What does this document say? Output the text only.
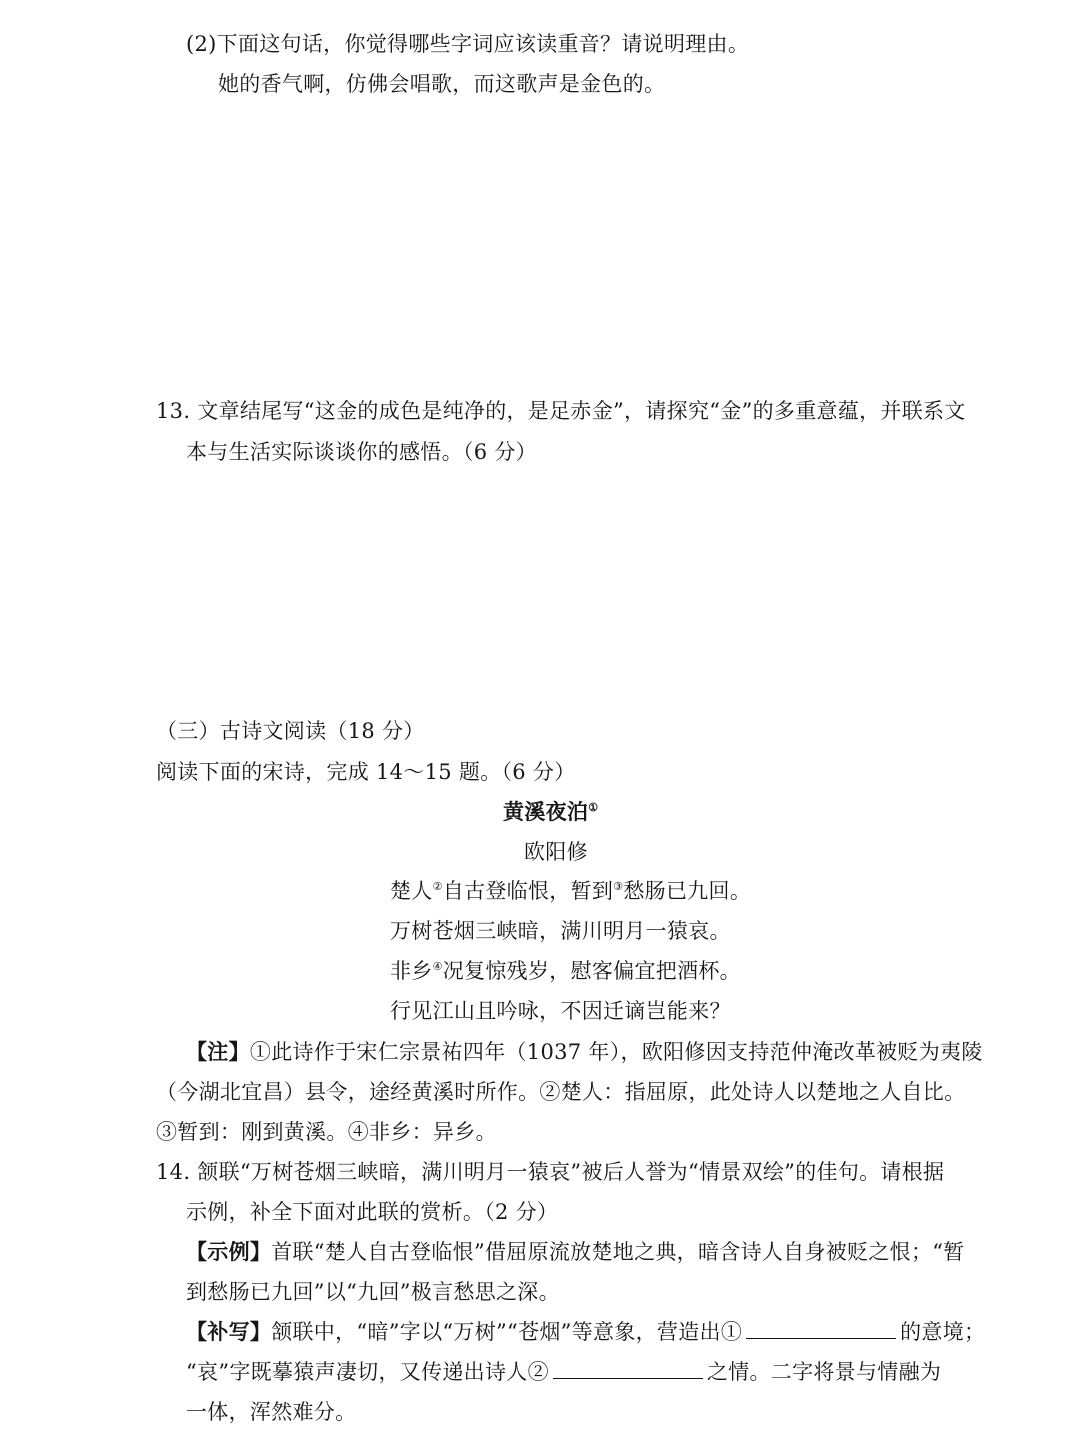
(2)下面这句话，你觉得哪些字词应该读重音？请说明理由。
她的香气啊，仿佛会唱歌，而这歌声是金色的。
13. 文章结尾写“这金的成色是纯净的，是足赤金”，请探究“金”的多重意蕴，并联系文
本与生活实际谈谈你的感悟。（6 分）
（三）古诗文阅读（18 分）
阅读下面的宋诗，完成 14～15 题。（6 分）
黄溪夜泊①
欧阳修
楚人②自古登临恨，暂到③愁肠已九回。
万树苍烟三峡暗，满川明月一猿哀。
非乡④况复惊残岁，慰客偏宜把酒杯。
行见江山且吟咏，不因迁谪岂能来？
【注】①此诗作于宋仁宗景祐四年（1037 年），欧阳修因支持范仲淹改革被贬为夷陵
（今湖北宜昌）县令，途经黄溪时所作。②楚人：指屈原，此处诗人以楚地之人自比。
③暂到：刚到黄溪。④非乡：异乡。
14. 颔联“万树苍烟三峡暗，满川明月一猿哀”被后人誉为“情景双绘”的佳句。请根据
示例，补全下面对此联的赏析。（2 分）
【示例】首联“楚人自古登临恨”借屈原流放楚地之典，暗含诗人自身被贬之恨；“暂
到愁肠已九回”以“九回”极言愁思之深。
【补写】颔联中，“暗”字以“万树”“苍烟”等意象，营造出①	的意境；
“哀”字既摹猿声凄切，又传递出诗人②	之情。二字将景与情融为
一体，浑然难分。
